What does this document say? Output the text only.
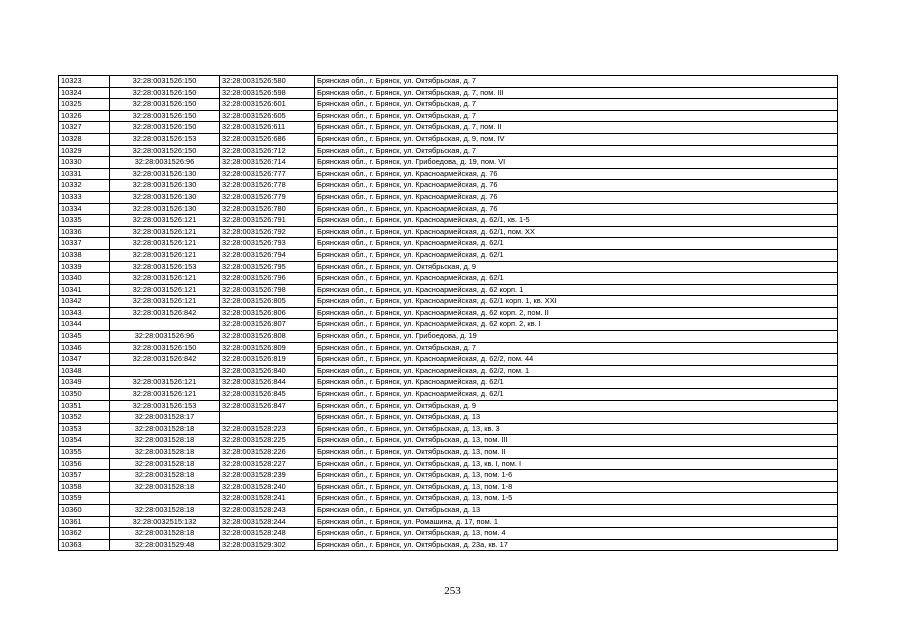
10323	32:28:0031526:150	32:28:0031526:580	Брянская обл., г. Брянск, ул. Октябрьская, д. 7
10324	32:28:0031526:150	32:28:0031526:598	Брянская обл., г. Брянск, ул. Октябрьская, д. 7, пом. III
10325	32:28:0031526:150	32:28:0031526:601	Брянская обл., г. Брянск, ул. Октябрьская, д. 7
10326	32:28:0031526:150	32:28:0031526:605	Брянская обл., г. Брянск, ул. Октябрьская, д. 7
10327	32:28:0031526:150	32:28:0031526:611	Брянская обл., г. Брянск, ул. Октябрьская, д. 7, пом. II
10328	32:28:0031526:153	32:28:0031526:686	Брянская обл., г. Брянск, ул. Октябрьская, д. 9, пом. IV
10329	32:28:0031526:150	32:28:0031526:712	Брянская обл., г. Брянск, ул. Октябрьская, д. 7
10330	32:28:0031526:96	32:28:0031526:714	Брянская обл., г. Брянск, ул. Грибоедова, д. 19, пом. VI
10331	32:28:0031526:130	32:28:0031526:777	Брянская обл., г. Брянск, ул. Красноармейская, д. 76
10332	32:28:0031526:130	32:28:0031526:778	Брянская обл., г. Брянск, ул. Красноармейская, д. 76
10333	32:28:0031526:130	32:28:0031526:779	Брянская обл., г. Брянск, ул. Красноармейская, д. 76
10334	32:28:0031526:130	32:28:0031526:780	Брянская обл., г. Брянск, ул. Красноармейская, д. 76
10335	32:28:0031526:121	32:28:0031526:791	Брянская обл., г. Брянск, ул. Красноармейская, д. 62/1, кв. 1-5
10336	32:28:0031526:121	32:28:0031526:792	Брянская обл., г. Брянск, ул. Красноармейская, д. 62/1, пом. XX
10337	32:28:0031526:121	32:28:0031526:793	Брянская обл., г. Брянск, ул. Красноармейская, д. 62/1
10338	32:28:0031526:121	32:28:0031526:794	Брянская обл., г. Брянск, ул. Красноармейская, д. 62/1
10339	32:28:0031526:153	32:28:0031526:795	Брянская обл., г. Брянск, ул. Октябрьская, д. 9
10340	32:28:0031526:121	32:28:0031526:796	Брянская обл., г. Брянск, ул. Красноармейская, д. 62/1
10341	32:28:0031526:121	32:28:0031526:798	Брянская обл., г. Брянск, ул. Красноармейская, д. 62 корп. 1
10342	32:28:0031526:121	32:28:0031526:805	Брянская обл., г. Брянск, ул. Красноармейская, д. 62/1 корп. 1, кв. XXI
10343	32:28:0031526:842	32:28:0031526:806	Брянская обл., г. Брянск, ул. Красноармейская, д. 62 корп. 2, пом. II
10344		32:28:0031526:807	Брянская обл., г. Брянск, ул. Красноармейская, д. 62 корп. 2, кв. I
10345	32:28:0031526:96	32:28:0031526:808	Брянская обл., г. Брянск, ул. Грибоедова, д. 19
10346	32:28:0031526:150	32:28:0031526:809	Брянская обл., г. Брянск, ул. Октябрьская, д. 7
10347	32:28:0031526:842	32:28:0031526:819	Брянская обл., г. Брянск, ул. Красноармейская, д. 62/2, пом. 44
10348		32:28:0031526:840	Брянская обл., г. Брянск, ул. Красноармейская, д. 62/2, пом. 1
10349	32:28:0031526:121	32:28:0031526:844	Брянская обл., г. Брянск, ул. Красноармейская, д. 62/1
10350	32:28:0031526:121	32:28:0031526:845	Брянская обл., г. Брянск, ул. Красноармейская, д. 62/1
10351	32:28:0031526:153	32:28:0031526:847	Брянская обл., г. Брянск, ул. Октябрьская, д. 9
10352	32:28:0031528:17		Брянская обл., г. Брянск, ул. Октябрьская, д. 13
10353	32:28:0031528:18	32:28:0031528:223	Брянская обл., г. Брянск, ул. Октябрьская, д. 13, кв. 3
10354	32:28:0031528:18	32:28:0031528:225	Брянская обл., г. Брянск, ул. Октябрьская, д. 13, пом. III
10355	32:28:0031528:18	32:28:0031528:226	Брянская обл., г. Брянск, ул. Октябрьская, д. 13, пом. II
10356	32:28:0031528:18	32:28:0031528:227	Брянская обл., г. Брянск, ул. Октябрьская, д. 13, кв. I, пом. I
10357	32:28:0031528:18	32:28:0031528:239	Брянская обл., г. Брянск, ул. Октябрьская, д. 13, пом. 1-6
10358	32:28:0031528:18	32:28:0031528:240	Брянская обл., г. Брянск, ул. Октябрьская, д. 13, пом. 1-8
10359		32:28:0031528:241	Брянская обл., г. Брянск, ул. Октябрьская, д. 13, пом. 1-5
10360	32:28:0031528:18	32:28:0031528:243	Брянская обл., г. Брянск, ул. Октябрьская, д. 13
10361	32:28:0032515:132	32:28:0031528:244	Брянская обл., г. Брянск, ул. Ромашина, д. 17, пом. 1
10362	32:28:0031528:18	32:28:0031528:248	Брянская обл., г. Брянск, ул. Октябрьская, д. 13, пом. 4
10363	32:28:0031529:48	32:28:0031529:302	Брянская обл., г. Брянск, ул. Октябрьская, д. 23а, кв. 17
253
